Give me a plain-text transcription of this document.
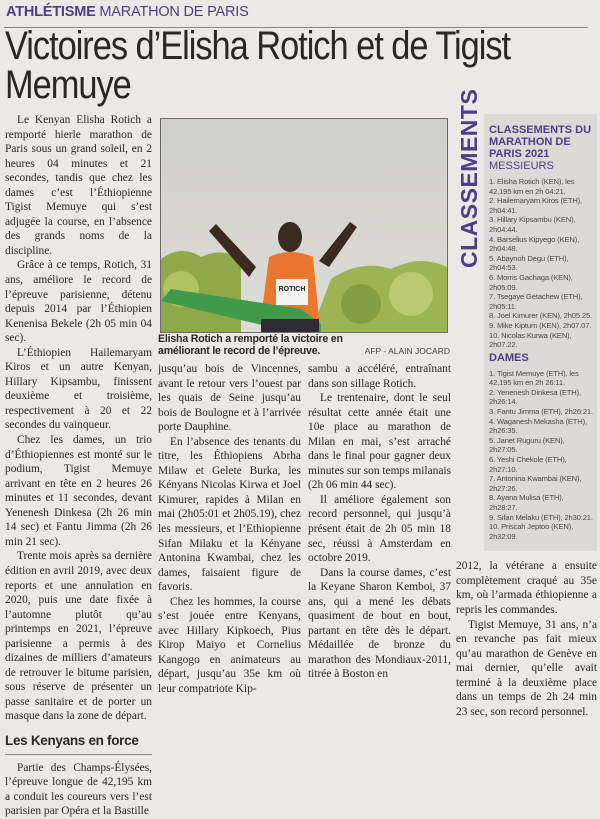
ATHLÉTISME MARATHON DE PARIS
Victoires d’Elisha Rotich et de Tigist Memuye

Le Kenyan Elisha Rotich a remporté hierle marathon de Paris sous un grand soleil, en 2 heures 04 minutes et 21 secondes, tandis que chez les dames c’est l’Éthiopienne Tigist Memuye qui s’est adjugée la course, en l’absence des grands noms de la discipline.

Grâce à ce temps, Rotich, 31 ans, améliore le record de l’épreuve parisienne, détenu depuis 2014 par l’Éthiopien Kenenisa Bekele (2h 05 min 04 sec).

L’Éthiopien Hailemaryam Kiros et un autre Kenyan, Hillary Kipsambu, finissent deuxième et troisième, respectivement à 20 et 22 secondes du vainqueur.

Chez les dames, un trio d’Éthiopiennes est monté sur le podium, Tigist Memuye arrivant en tête en 2 heures 26 minutes et 11 secondes, devant Yenenesh Dinkesa (2h 26 min 14 sec) et Fantu Jimma (2h 26 min 21 sec).

Trente mois après sa dernière édition en avril 2019, avec deux reports et une annulation en 2020, puis une date fixée à l’automne plutôt qu’au printemps en 2021, l’épreuve parisienne a permis à des dizaines de milliers d’amateurs de retrouver le bitume parisien, sous réserve de présenter un passe sanitaire et de porter un masque dans la zone de départ.

Les Kenyans en force

Partie des Champs-Élysées, l’épreuve longue de 42,195 km a conduit les coureurs vers l’est parisien par Opéra et la Bastille

ROTICH
AFP - ALAIN JOCARD
Elisha Rotich a remporté la victoire en améliorant le record de l’épreuve.

jusqu’au bois de Vincennes, avant le retour vers l’ouest par les quais de Seine jusqu’au bois de Boulogne et à l’arrivée porte Dauphine.

En l’absence des tenants du titre, les Éthiopiens Abrha Milaw et Gelete Burka, les Kényans Nicolas Kirwa et Joel Kimurer, rapides à Milan en mai (2h05:01 et 2h05.19), chez les messieurs, et l’Ethiopienne Sifan Milaku et la Kényane Antonina Kwambai, chez les dames, faisaient figure de favoris.

Chez les hommes, la course s’est jouée entre Kenyans, avec Hillary Kipkoech, Pius Kirop Maiyo et Cornelius Kangogo en animateurs au départ, jusqu’au 35e km où leur compatriote Kip-

sambu a accéléré, entraînant dans son sillage Rotich.

Le trentenaire, dont le seul résultat cette année était une 10e place au marathon de Milan en mai, s’est arraché dans le final pour gagner deux minutes sur son temps milanais (2h 06 min 44 sec).

Il améliore également son record personnel, qui jusqu’à présent était de 2h 05 min 18 sec, réussi à Amsterdam en octobre 2019.

Dans la course dames, c’est la Keyane Sharon Kemboi, 37 ans, qui a mené les débats quasiment de bout en bout, partant en tête dès le départ. Médaillée de bronze du marathon des Mondiaux-2011, titrée à Boston en

CLASSEMENTS CLASSEMENTS DU MARATHON DE PARIS 2021
MESSIEURS
1. Elisha Rotich (KEN), les 42,195 km en 2h 04:21.
2. Hailemaryam Kiros (ETH), 2h04:41.
3. Hillary Kipsambu (KEN), 2h04:44.
4. Barselius Kipyego (KEN), 2h04:48.
5. Abaynoh Degu (ETH), 2h04:53.
6. Morris Gachaga (KEN), 2h05:09.
7. Tsegaye Getachew (ETH), 2h05:11.
8. Joel Kimurer (KEN), 2h05.25.
9. Mike Kiptum (KEN), 2h07.07.
10. Nicolas Kurwa (KEN), 2h07.22.
DAMES
1. Tigist Memuye (ETH), les 42,195 km en 2h 26:11.
2. Yenenesh Dinkesa (ETH), 2h26:14.
3. Fantu Jimma (ETH), 2h26:21.
4. Waganesh Mekasha (ETH), 2h26:35.
5. Janet Ruguru (KEN), 2h27:05.
6. Yeshi Chekole (ETH), 2h27:10.
7. Antonina Kwambai (KEN), 2h27:26.
8. Ayana Mulisa (ETH), 2h28:27.
9. Sifan Melaku (ETH), 2h30:21.
10. Priscah Jeptoo (KEN), 2h32:09.

2012, la vétérane a ensuite complètement craqué au 35e km, où l’armada éthiopienne a repris les commandes.

Tigist Memuye, 31 ans, n’a en revanche pas fait mieux qu’au marathon de Genève en mai dernier, qu’elle avait terminé à la deuxième place dans un temps de 2h 24 min 23 sec, son record personnel.
